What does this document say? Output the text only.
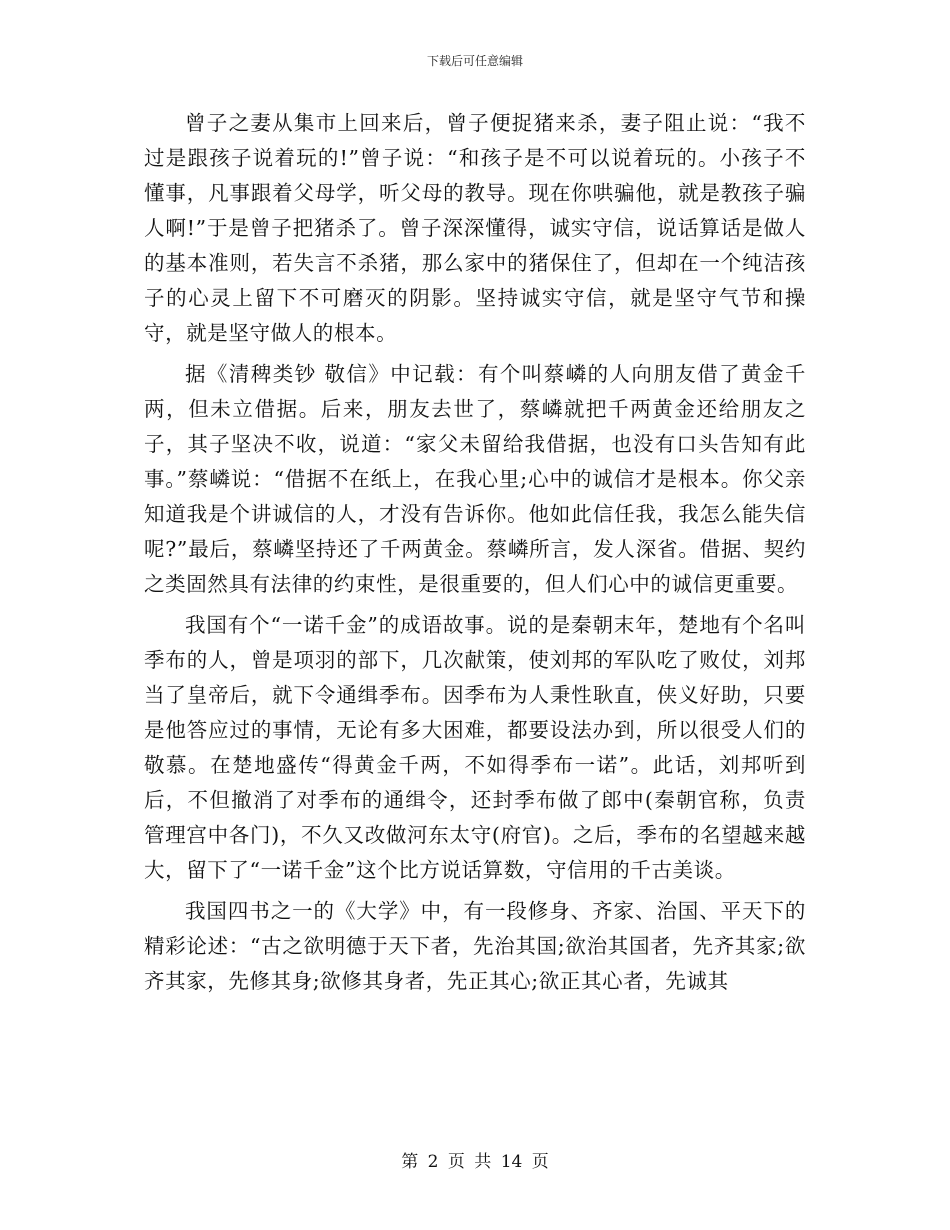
下载后可任意编辑

曾子之妻从集市上回来后，曾子便捉猪来杀，妻子阻止说：“我不过是跟孩子说着玩的!”曾子说：“和孩子是不可以说着玩的。小孩子不懂事，凡事跟着父母学，听父母的教导。现在你哄骗他，就是教孩子骗人啊!”于是曾子把猪杀了。曾子深深懂得，诚实守信，说话算话是做人的基本准则，若失言不杀猪，那么家中的猪保住了，但却在一个纯洁孩子的心灵上留下不可磨灭的阴影。坚持诚实守信，就是坚守气节和操守，就是坚守做人的根本。

据《清稗类钞 敬信》中记载：有个叫蔡嶙的人向朋友借了黄金千两，但未立借据。后来，朋友去世了，蔡嶙就把千两黄金还给朋友之子，其子坚决不收，说道：“家父未留给我借据，也没有口头告知有此事。”蔡嶙说：“借据不在纸上，在我心里;心中的诚信才是根本。你父亲知道我是个讲诚信的人，才没有告诉你。他如此信任我，我怎么能失信呢?”最后，蔡嶙坚持还了千两黄金。蔡嶙所言，发人深省。借据、契约之类固然具有法律的约束性，是很重要的，但人们心中的诚信更重要。

我国有个“一诺千金”的成语故事。说的是秦朝末年，楚地有个名叫季布的人，曾是项羽的部下，几次献策，使刘邦的军队吃了败仗，刘邦当了皇帝后，就下令通缉季布。因季布为人秉性耿直，侠义好助，只要是他答应过的事情，无论有多大困难，都要设法办到，所以很受人们的敬慕。在楚地盛传“得黄金千两，不如得季布一诺”。此话，刘邦听到后，不但撤消了对季布的通缉令，还封季布做了郎中(秦朝官称，负责管理宫中各门)，不久又改做河东太守(府官)。之后，季布的名望越来越大，留下了“一诺千金”这个比方说话算数，守信用的千古美谈。

我国四书之一的《大学》中，有一段修身、齐家、治国、平天下的精彩论述：“古之欲明德于天下者，先治其国;欲治其国者，先齐其家;欲齐其家，先修其身;欲修其身者，先正其心;欲正其心者，先诚其

第 2 页 共 14 页
